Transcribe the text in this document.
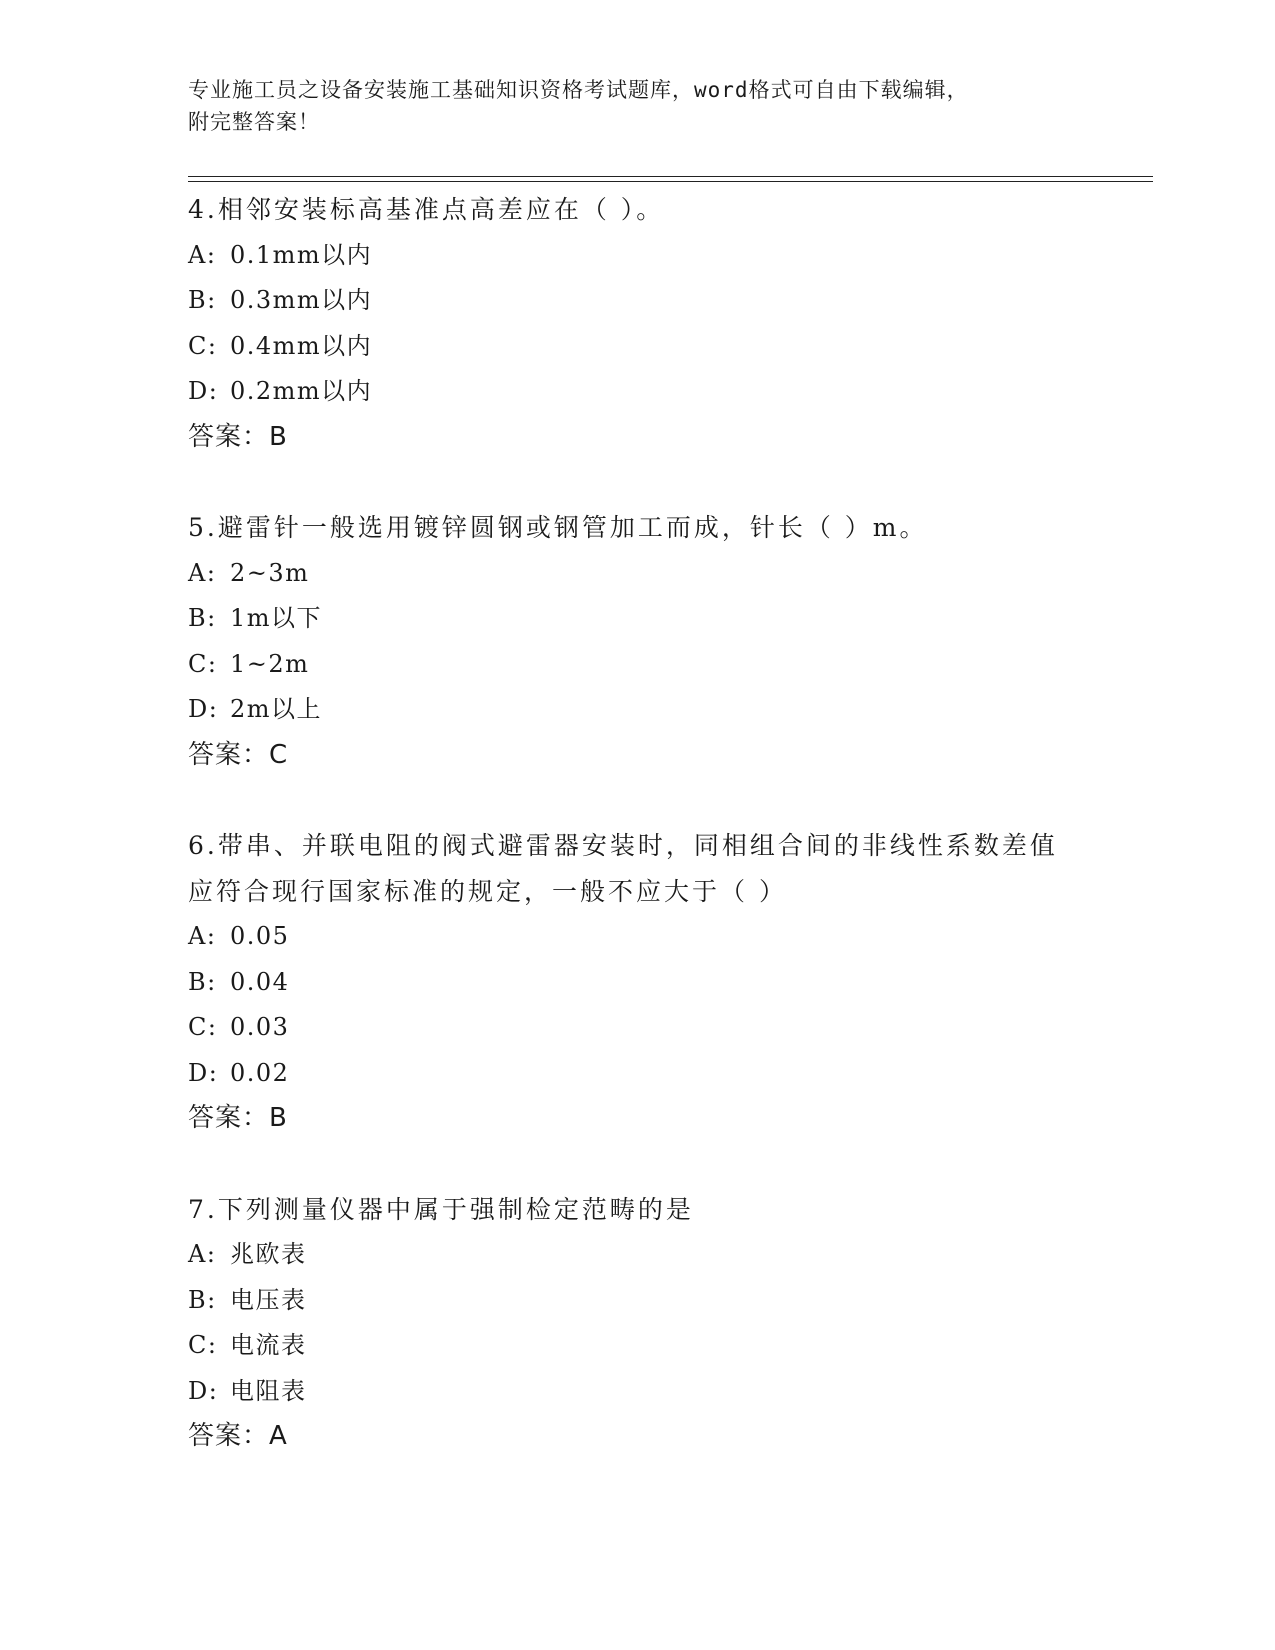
专业施工员之设备安装施工基础知识资格考试题库，word格式可自由下载编辑，
附完整答案！

4.相邻安装标高基准点高差应在（ ）。

A: 0.1mm以内

B: 0.3mm以内

C: 0.4mm以内

D: 0.2mm以内

答案：B

5.避雷针一般选用镀锌圆钢或钢管加工而成，针长（ ）m。

A: 2~3m

B: 1m以下

C: 1~2m

D: 2m以上

答案：C

6.带串、并联电阻的阀式避雷器安装时，同相组合间的非线性系数差值应符合现行国家标准的规定，一般不应大于（ ）

A: 0.05

B: 0.04

C: 0.03

D: 0.02

答案：B

7.下列测量仪器中属于强制检定范畴的是

A: 兆欧表

B: 电压表

C: 电流表

D: 电阻表

答案：A
